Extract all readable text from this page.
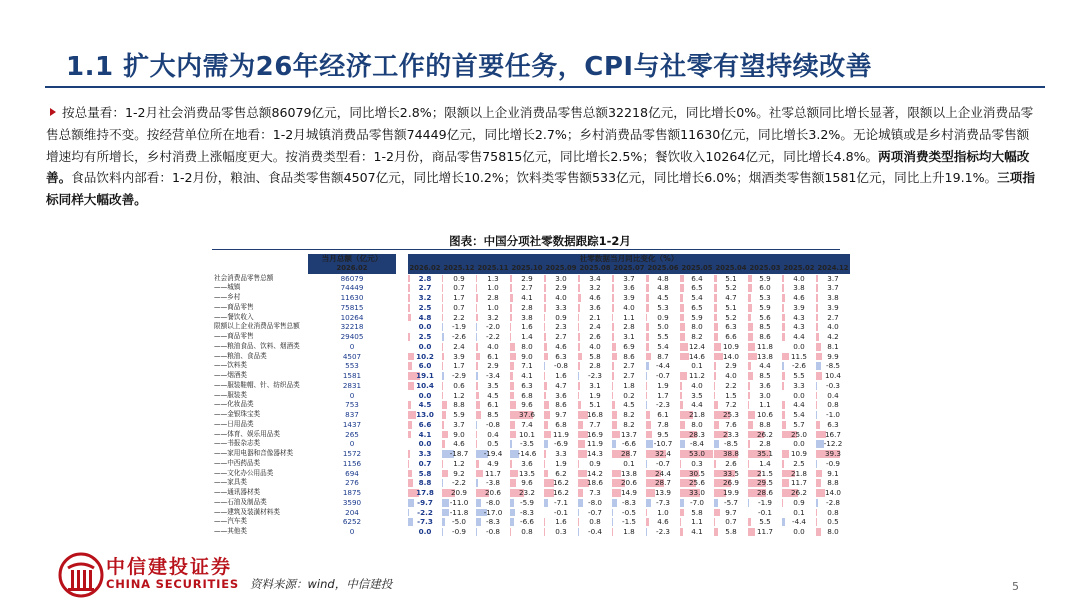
1.1 扩大内需为26年经济工作的首要任务，CPI与社零有望持续改善
按总量看：1-2月社会消费品零售总额86079亿元，同比增长2.8%；限额以上企业消费品零售总额32218亿元，同比增长0%。社零总额同比增长显著，限额以上企业消费品零售总额维持不变。按经营单位所在地看：1-2月城镇消费品零售额74449亿元，同比增长2.7%；乡村消费品零售额11630亿元，同比增长3.2%。无论城镇或是乡村消费品零售额增速均有所增长，乡村消费上涨幅度更大。按消费类型看：1-2月份，商品零售75815亿元，同比增长2.5%；餐饮收入10264亿元，同比增长4.8%。两项消费类型指标均大幅改善。食品饮料内部看：1-2月份，粮油、食品类零售额4507亿元，同比增长10.2%；饮料类零售额533亿元，同比增长6.0%；烟酒类零售额1581亿元，同比上升19.1%。三项指标同样大幅改善。
图表：中国分项社零数据跟踪1-2月
	当月总额（亿元）		社零数据当月同比变化（%）												
	2026.02		2026.02	2025.12	2025.11	2025.10	2025.09	2025.08	2025.07	2025.06	2025.05	2025.04	2025.03	2025.02	2024.12
社会消费品零售总额	86079		2.8	0.9	1.3	2.9	3.0	3.4	3.7	4.8	6.4	5.1	5.9	4.0	3.7
——城镇	74449		2.7	0.7	1.0	2.7	2.9	3.2	3.6	4.8	6.5	5.2	6.0	3.8	3.7
——乡村	11630		3.2	1.7	2.8	4.1	4.0	4.6	3.9	4.5	5.4	4.7	5.3	4.6	3.8
——商品零售	75815		2.5	0.7	1.0	2.8	3.3	3.6	4.0	5.3	6.5	5.1	5.9	3.9	3.9
——餐饮收入	10264		4.8	2.2	3.2	3.8	0.9	2.1	1.1	0.9	5.9	5.2	5.6	4.3	2.7
限额以上企业消费品零售总额	32218		0.0	-1.9	-2.0	1.6	2.3	2.4	2.8	5.0	8.0	6.3	8.5	4.3	4.0
——商品零售	29405		2.5	-2.6	-2.2	1.4	2.7	2.6	3.1	5.5	8.2	6.6	8.6	4.4	4.2
——粮油食品、饮料、烟酒类	0		0.0	2.4	4.0	8.0	4.6	4.0	6.9	5.4	12.4	10.9	11.8	0.0	8.1
——粮油、食品类	4507		10.2	3.9	6.1	9.0	6.3	5.8	8.6	8.7	14.6	14.0	13.8	11.5	9.9
——饮料类	553		6.0	1.7	2.9	7.1	-0.8	2.8	2.7	-4.4	0.1	2.9	4.4	-2.6	-8.5
——烟酒类	1581		19.1	-2.9	-3.4	4.1	1.6	-2.3	2.7	-0.7	11.2	4.0	8.5	5.5	10.4
——服装鞋帽、针、纺织品类	2831		10.4	0.6	3.5	6.3	4.7	3.1	1.8	1.9	4.0	2.2	3.6	3.3	-0.3
——服装类	0		0.0	1.2	4.5	6.8	3.6	1.9	0.2	1.7	3.5	1.5	3.0	0.0	0.4
——化妆品类	753		4.5	8.8	6.1	9.6	8.6	5.1	4.5	-2.3	4.4	7.2	1.1	4.4	0.8
——金银珠宝类	837		13.0	5.9	8.5	37.6	9.7	16.8	8.2	6.1	21.8	25.3	10.6	5.4	-1.0
——日用品类	1437		6.6	3.7	-0.8	7.4	6.8	7.7	8.2	7.8	8.0	7.6	8.8	5.7	6.3
——体育、娱乐用品类	265		4.1	9.0	0.4	10.1	11.9	16.9	13.7	9.5	28.3	23.3	26.2	25.0	16.7
——书报杂志类	0		0.0	4.6	0.5	-3.5	-6.9	11.9	-6.6	-10.7	-8.4	-8.5	2.8	0.0	-12.2
——家用电器和音像器材类	1572		3.3	-18.7	-19.4	-14.6	3.3	14.3	28.7	32.4	53.0	38.8	35.1	10.9	39.3
——中西药品类	1156		0.7	1.2	4.9	3.6	1.9	0.9	0.1	-0.7	0.3	2.6	1.4	2.5	-0.9
——文化办公用品类	694		5.8	9.2	11.7	13.5	6.2	14.2	13.8	24.4	30.5	33.5	21.5	21.8	9.1
——家具类	276		8.8	-2.2	-3.8	9.6	16.2	18.6	20.6	28.7	25.6	26.9	29.5	11.7	8.8
——通讯器材类	1875		17.8	20.9	20.6	23.2	16.2	7.3	14.9	13.9	33.0	19.9	28.6	26.2	14.0
——石油及制品类	3590		-9.7	-11.0	-8.0	-5.9	-7.1	-8.0	-8.3	-7.3	-7.0	-5.7	-1.9	0.9	-2.8
——建筑及装潢材料类	204		-2.2	-11.8	-17.0	-8.3	-0.1	-0.7	-0.5	1.0	5.8	9.7	-0.1	0.1	0.8
——汽车类	6252		-7.3	-5.0	-8.3	-6.6	1.6	0.8	-1.5	4.6	1.1	0.7	5.5	-4.4	0.5
——其他类	0		0.0	-0.9	-0.8	0.8	0.3	-0.4	1.8	-2.3	4.1	5.8	11.7	0.0	8.0
中信建投证券
CHINA SECURITIES 资料来源：wind，中信建投	5
